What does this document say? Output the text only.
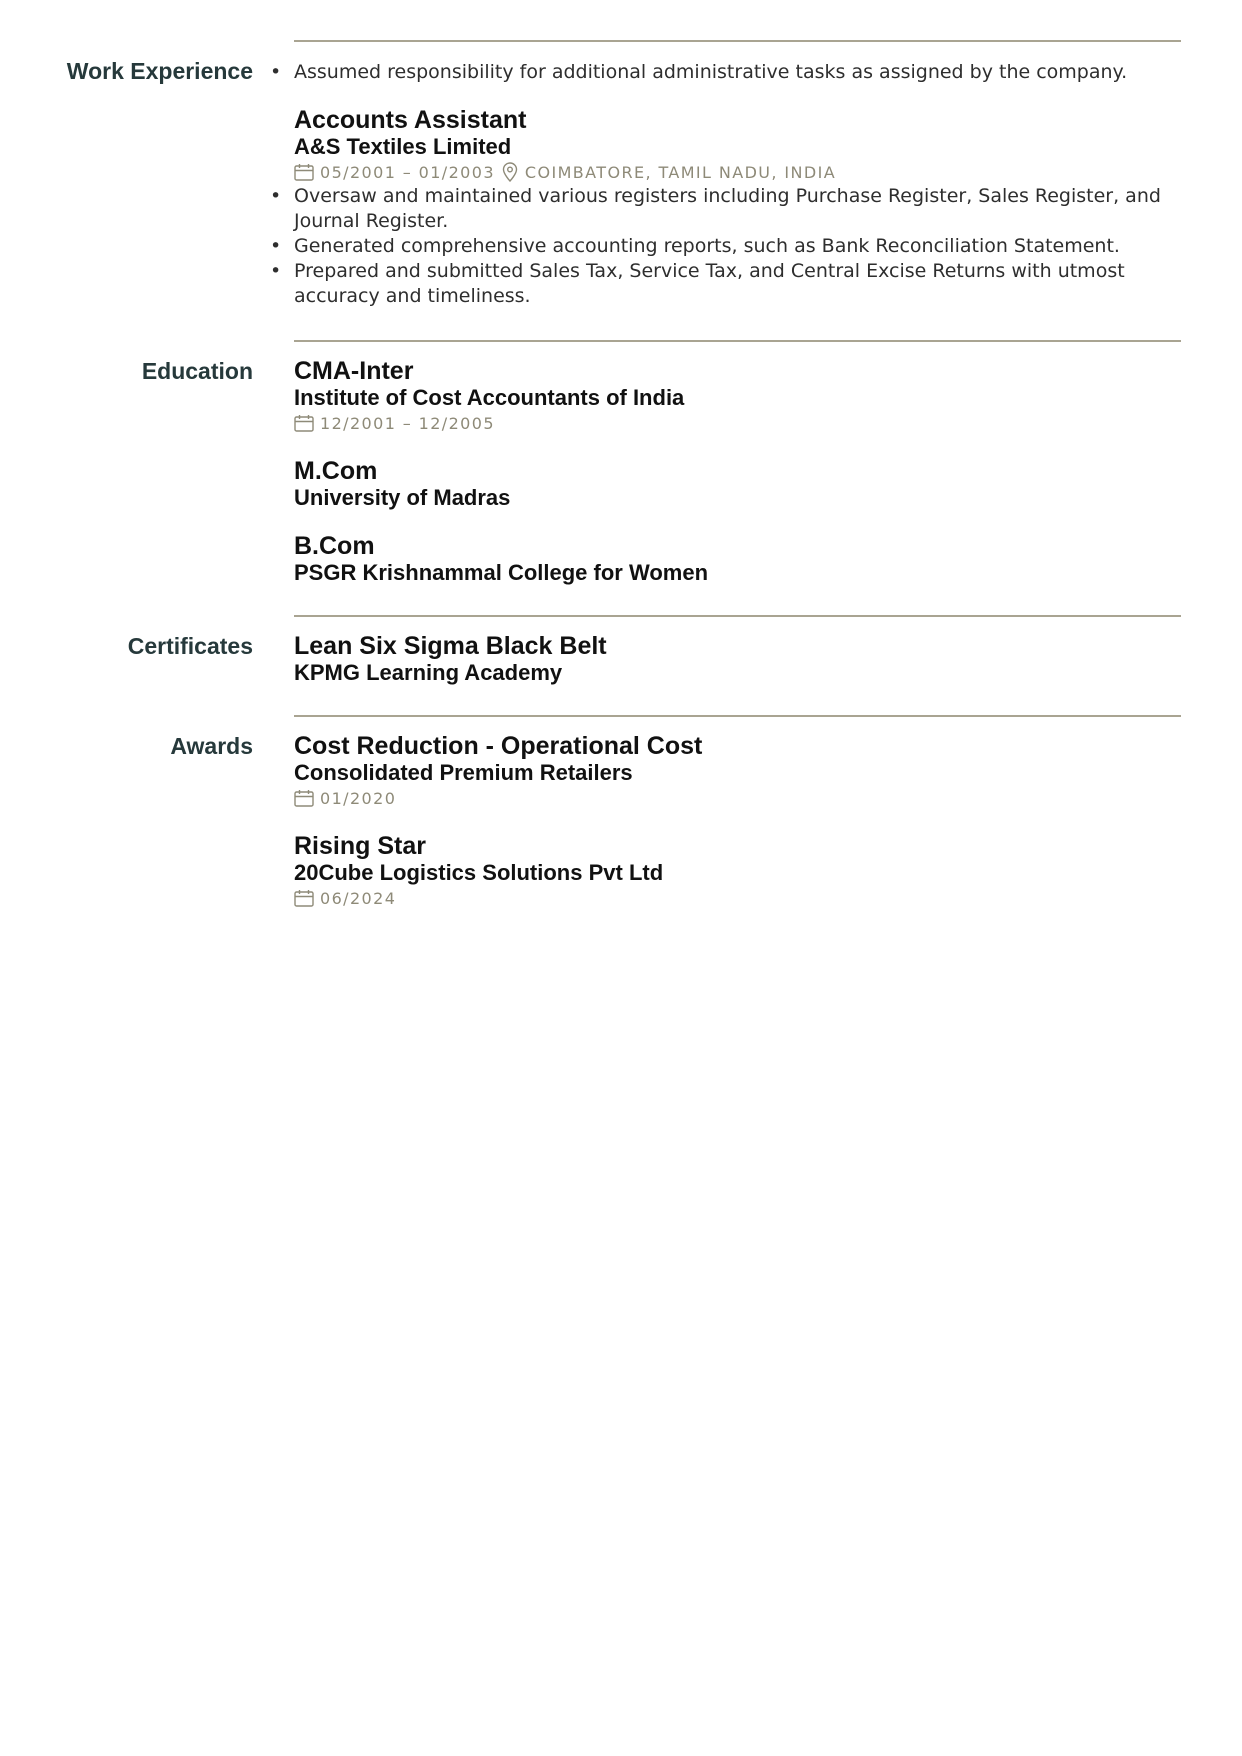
Work Experience • Assumed responsibility for additional administrative tasks as assigned by the company.
Accounts Assistant
A&S Textiles Limited
05/2001 – 01/2003 COIMBATORE, TAMIL NADU, INDIA
• Oversaw and maintained various registers including Purchase Register, Sales Register, and Journal Register.
• Generated comprehensive accounting reports, such as Bank Reconciliation Statement.
• Prepared and submitted Sales Tax, Service Tax, and Central Excise Returns with utmost accuracy and timeliness.
Education CMA-Inter
Institute of Cost Accountants of India
12/2001 – 12/2005
M.Com
University of Madras
B.Com
PSGR Krishnammal College for Women
Certificates Lean Six Sigma Black Belt
KPMG Learning Academy
Awards Cost Reduction - Operational Cost
Consolidated Premium Retailers
01/2020
Rising Star
20Cube Logistics Solutions Pvt Ltd
06/2024
